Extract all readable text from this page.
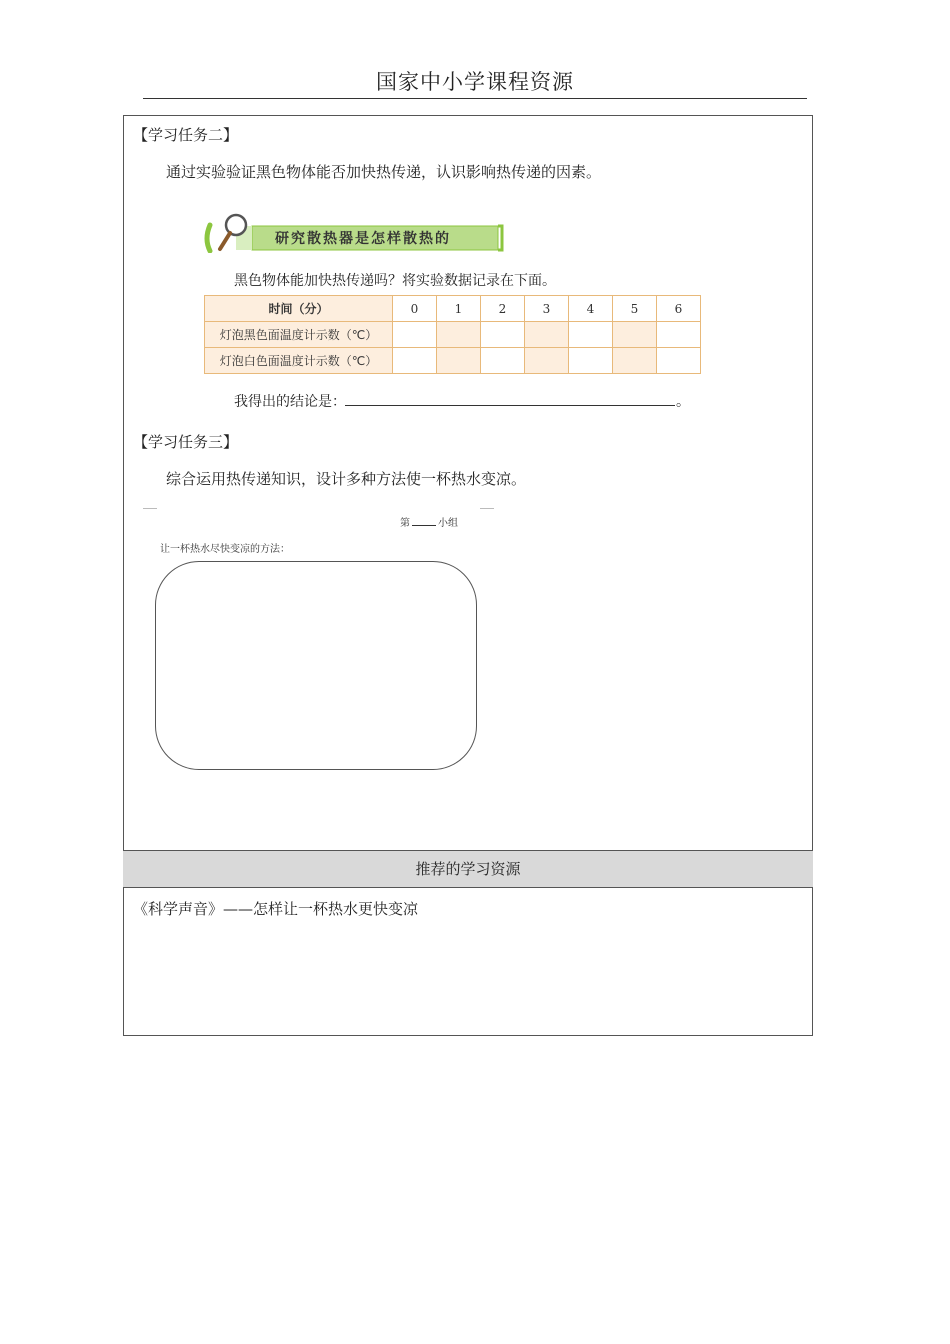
国家中小学课程资源
【学习任务二】
通过实验验证黑色物体能否加快热传递，认识影响热传递的因素。
研究散热器是怎样散热的
黑色物体能加快热传递吗？将实验数据记录在下面。
时间（分）	0	1	2	3	4	5	6
灯泡黑色面温度计示数（℃）							
灯泡白色面温度计示数（℃）							
我得出的结论是：	。
【学习任务三】
综合运用热传递知识，设计多种方法使一杯热水变凉。
第	小组
让一杯热水尽快变凉的方法：
推荐的学习资源
《科学声音》——怎样让一杯热水更快变凉
